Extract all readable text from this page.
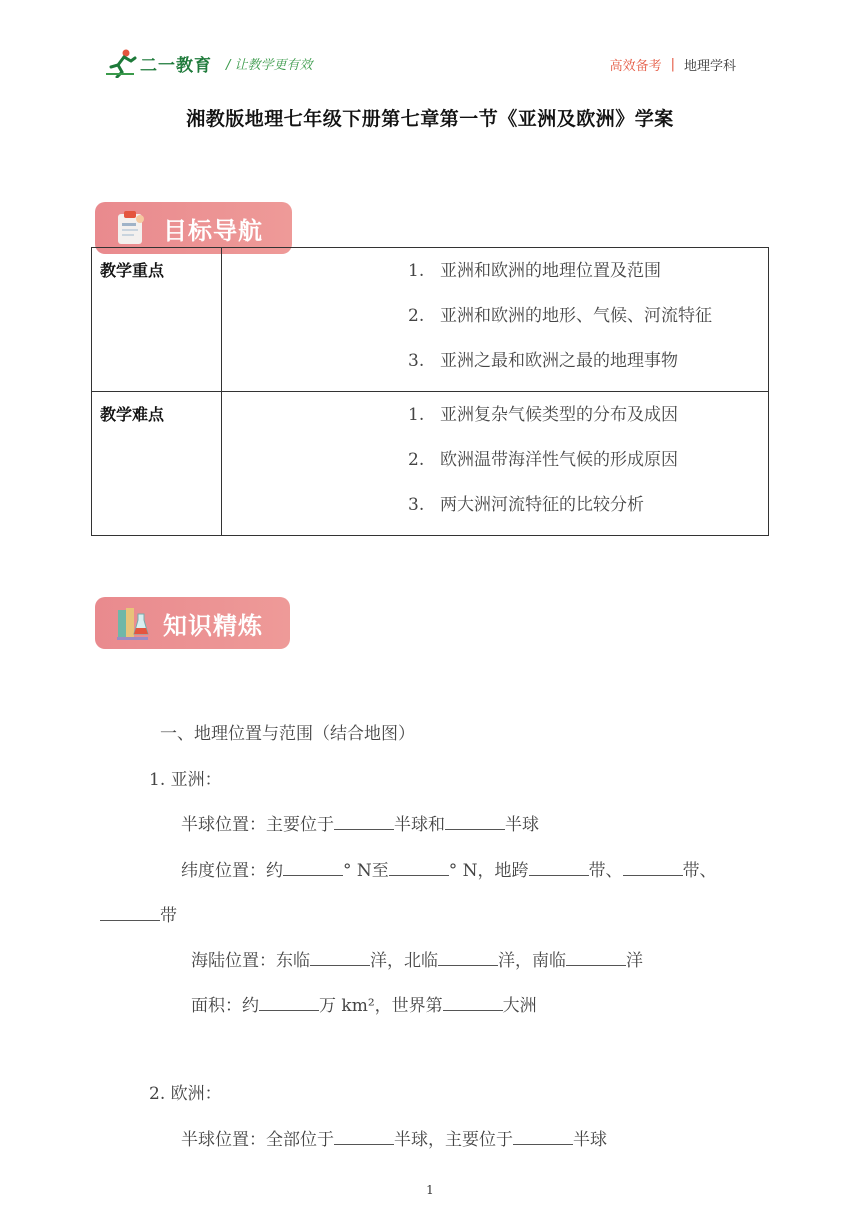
二一教育 / 让教学更有效	高效备考 | 地理学科
湘教版地理七年级下册第七章第一节《亚洲及欧洲》学案
目标导航
教学重点	1. 亚洲和欧洲的地理位置及范围
2. 亚洲和欧洲的地形、气候、河流特征
3. 亚洲之最和欧洲之最的地理事物

教学难点	1. 亚洲复杂气候类型的分布及成因
2. 欧洲温带海洋性气候的形成原因
3. 两大洲河流特征的比较分析
知识精炼
一、地理位置与范围（结合地图）
1. 亚洲：
半球位置：主要位于	半球和	半球
纬度位置：约	° N至	° N，地跨	带、	带、
带
海陆位置：东临	洋，北临	洋，南临	洋
面积：约	万 km²，世界第	大洲
2. 欧洲：
半球位置：全部位于	半球，主要位于	半球
1
